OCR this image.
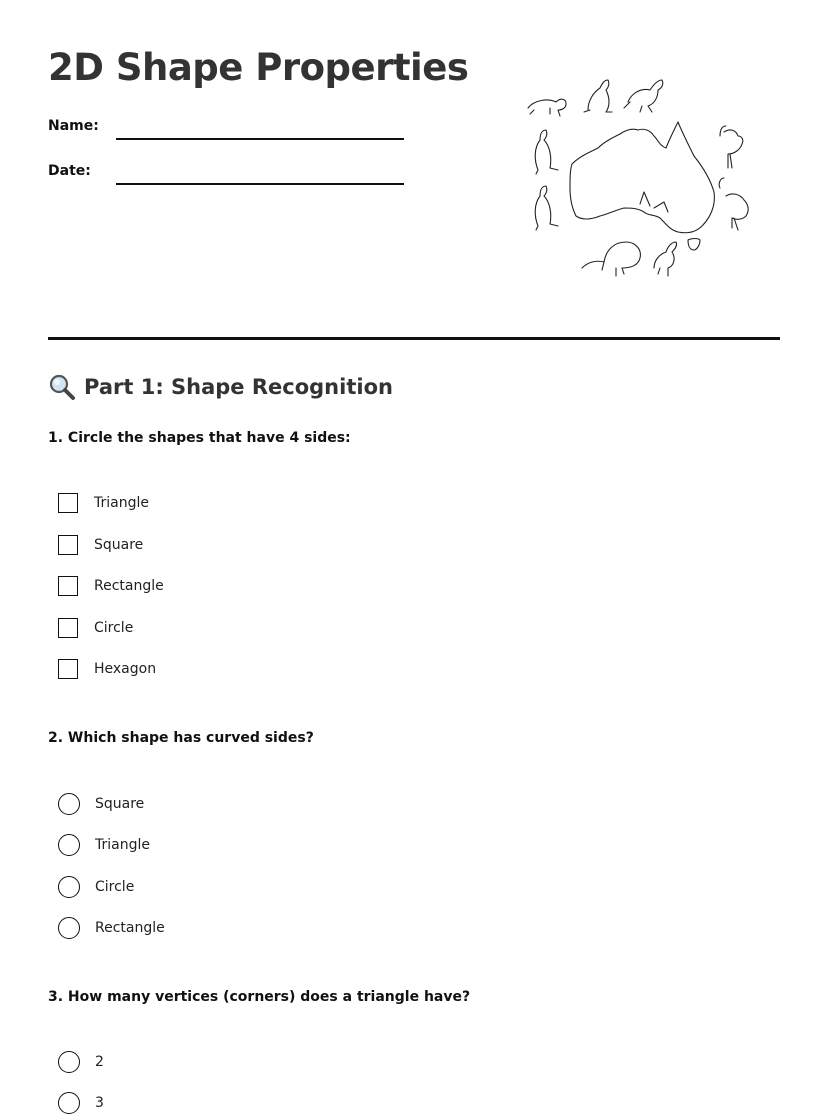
2D Shape Properties
Name:
Date:
Part 1: Shape Recognition
1. Circle the shapes that have 4 sides:
Triangle
Square
Rectangle
Circle
Hexagon
2. Which shape has curved sides?
Square
Triangle
Circle
Rectangle
3. How many vertices (corners) does a triangle have?
2
3
